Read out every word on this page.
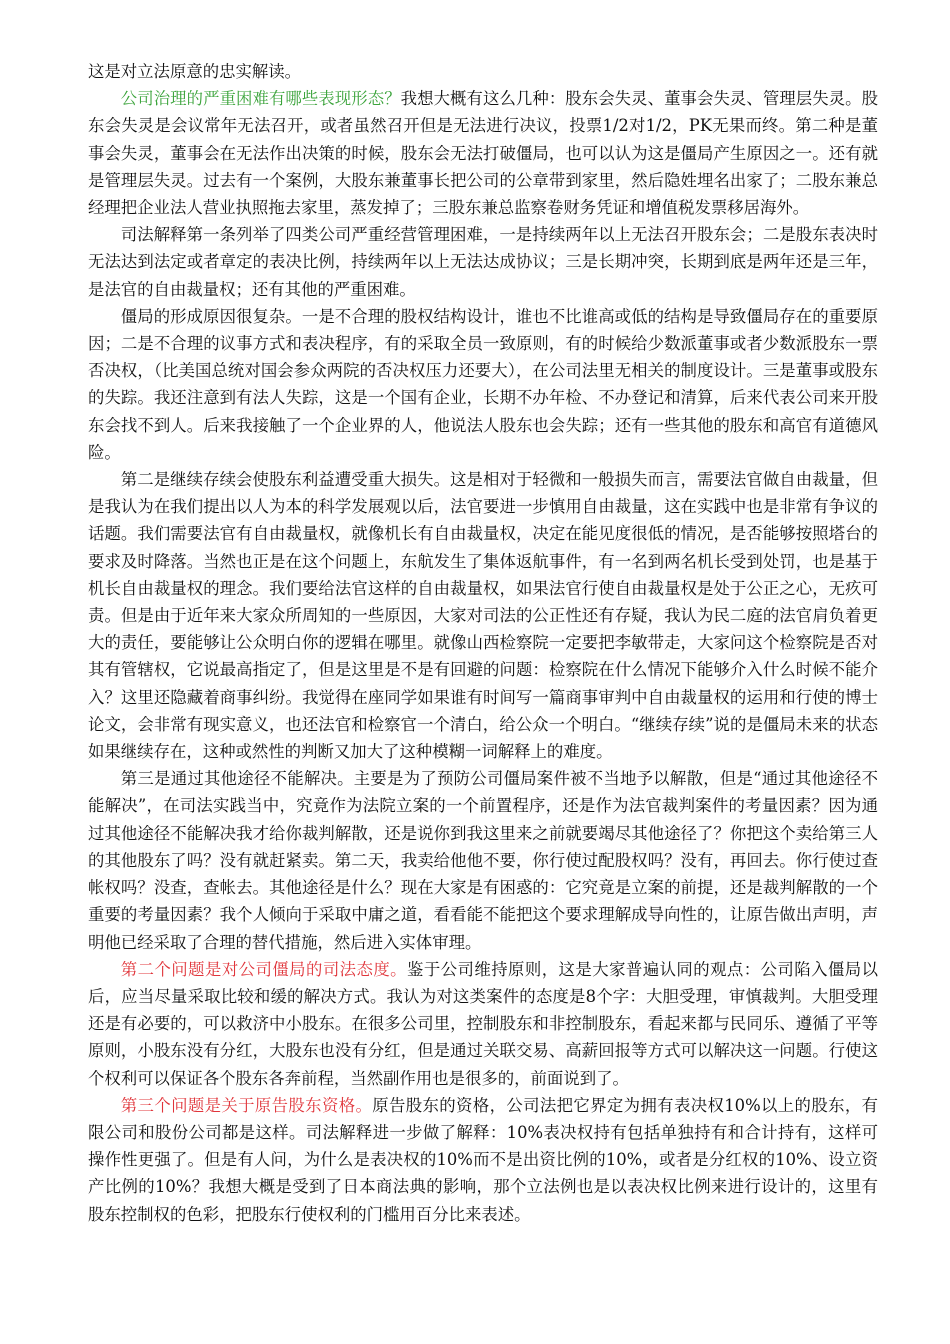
这是对立法原意的忠实解读。

公司治理的严重困难有哪些表现形态？我想大概有这么几种：股东会失灵、董事会失灵、管理层失灵。股东会失灵是会议常年无法召开，或者虽然召开但是无法进行决议，投票1/2对1/2，PK无果而终。第二种是董事会失灵，董事会在无法作出决策的时候，股东会无法打破僵局，也可以认为这是僵局产生原因之一。还有就是管理层失灵。过去有一个案例，大股东兼董事长把公司的公章带到家里，然后隐姓埋名出家了；二股东兼总经理把企业法人营业执照拖去家里，蒸发掉了；三股东兼总监察卷财务凭证和增值税发票移居海外。

司法解释第一条列举了四类公司严重经营管理困难，一是持续两年以上无法召开股东会；二是股东表决时无法达到法定或者章定的表决比例，持续两年以上无法达成协议；三是长期冲突，长期到底是两年还是三年，是法官的自由裁量权；还有其他的严重困难。

僵局的形成原因很复杂。一是不合理的股权结构设计，谁也不比谁高或低的结构是导致僵局存在的重要原因；二是不合理的议事方式和表决程序，有的采取全员一致原则，有的时候给少数派董事或者少数派股东一票否决权，（比美国总统对国会参众两院的否决权压力还要大），在公司法里无相关的制度设计。三是董事或股东的失踪。我还注意到有法人失踪，这是一个国有企业，长期不办年检、不办登记和清算，后来代表公司来开股东会找不到人。后来我接触了一个企业界的人，他说法人股东也会失踪；还有一些其他的股东和高官有道德风险。

第二是继续存续会使股东利益遭受重大损失。这是相对于轻微和一般损失而言，需要法官做自由裁量，但是我认为在我们提出以人为本的科学发展观以后，法官要进一步慎用自由裁量，这在实践中也是非常有争议的话题。我们需要法官有自由裁量权，就像机长有自由裁量权，决定在能见度很低的情况，是否能够按照塔台的要求及时降落。当然也正是在这个问题上，东航发生了集体返航事件，有一名到两名机长受到处罚，也是基于机长自由裁量权的理念。我们要给法官这样的自由裁量权，如果法官行使自由裁量权是处于公正之心，无疚可责。但是由于近年来大家众所周知的一些原因，大家对司法的公正性还有存疑，我认为民二庭的法官肩负着更大的责任，要能够让公众明白你的逻辑在哪里。就像山西检察院一定要把李敏带走，大家问这个检察院是否对其有管辖权，它说最高指定了，但是这里是不是有回避的问题：检察院在什么情况下能够介入什么时候不能介入？这里还隐藏着商事纠纷。我觉得在座同学如果谁有时间写一篇商事审判中自由裁量权的运用和行使的博士论文，会非常有现实意义，也还法官和检察官一个清白，给公众一个明白。“继续存续”说的是僵局未来的状态如果继续存在，这种或然性的判断又加大了这种模糊一词解释上的难度。

第三是通过其他途径不能解决。主要是为了预防公司僵局案件被不当地予以解散，但是“通过其他途径不能解决”，在司法实践当中，究竟作为法院立案的一个前置程序，还是作为法官裁判案件的考量因素？因为通过其他途径不能解决我才给你裁判解散，还是说你到我这里来之前就要竭尽其他途径了？你把这个卖给第三人的其他股东了吗？没有就赶紧卖。第二天，我卖给他他不要，你行使过配股权吗？没有，再回去。你行使过查帐权吗？没查，查帐去。其他途径是什么？现在大家是有困惑的：它究竟是立案的前提，还是裁判解散的一个重要的考量因素？我个人倾向于采取中庸之道，看看能不能把这个要求理解成导向性的，让原告做出声明，声明他已经采取了合理的替代措施，然后进入实体审理。

第二个问题是对公司僵局的司法态度。鉴于公司维持原则，这是大家普遍认同的观点：公司陷入僵局以后，应当尽量采取比较和缓的解决方式。我认为对这类案件的态度是8个字：大胆受理，审慎裁判。大胆受理还是有必要的，可以救济中小股东。在很多公司里，控制股东和非控制股东，看起来都与民同乐、遵循了平等原则，小股东没有分红，大股东也没有分红，但是通过关联交易、高薪回报等方式可以解决这一问题。行使这个权利可以保证各个股东各奔前程，当然副作用也是很多的，前面说到了。

第三个问题是关于原告股东资格。原告股东的资格，公司法把它界定为拥有表决权10%以上的股东，有限公司和股份公司都是这样。司法解释进一步做了解释：10%表决权持有包括单独持有和合计持有，这样可操作性更强了。但是有人问，为什么是表决权的10%而不是出资比例的10%，或者是分红权的10%、设立资产比例的10%？我想大概是受到了日本商法典的影响，那个立法例也是以表决权比例来进行设计的，这里有股东控制权的色彩，把股东行使权利的门槛用百分比来表述。
